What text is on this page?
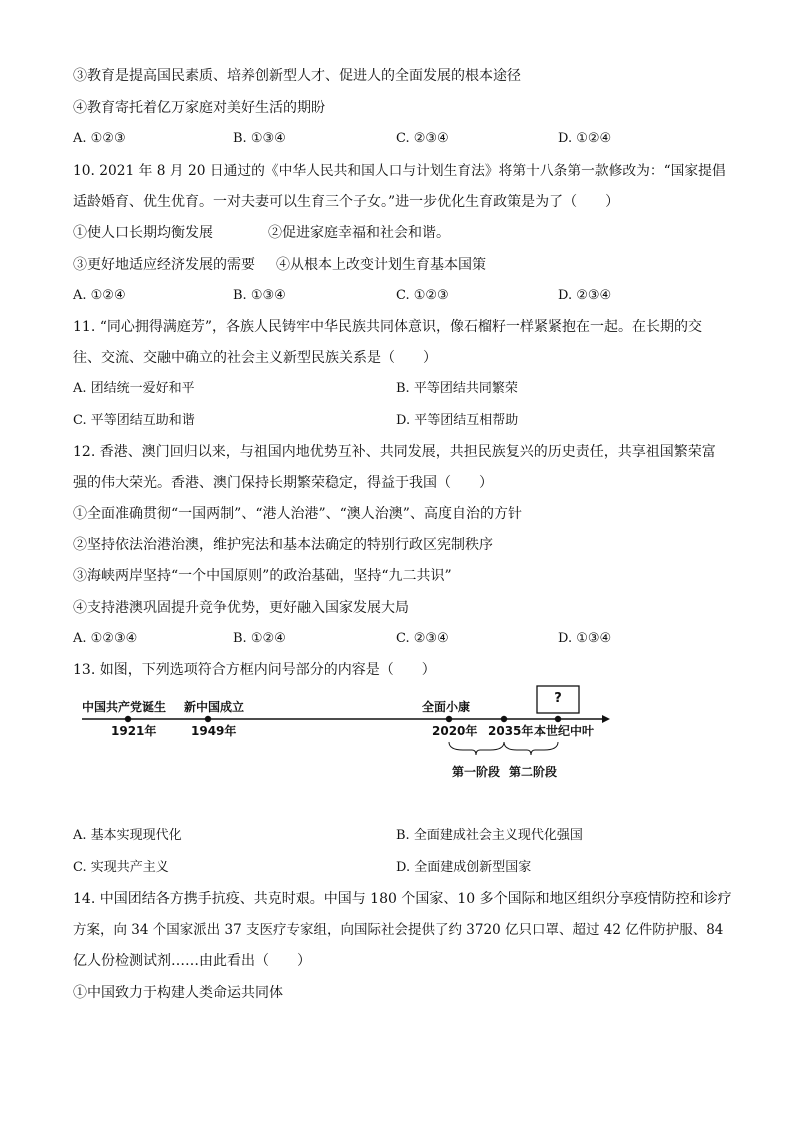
③教育是提高国民素质、培养创新型人才、促进人的全面发展的根本途径
④教育寄托着亿万家庭对美好生活的期盼
A. ①②③	B. ①③④	C. ②③④	D. ①②④
10. 2021 年 8 月 20 日通过的《中华人民共和国人口与计划生育法》将第十八条第一款修改为：“国家提倡
适龄婚育、优生优育。一对夫妻可以生育三个子女。”进一步优化生育政策是为了（　　）
①使人口长期均衡发展	②促进家庭幸福和社会和谐。
③更好地适应经济发展的需要 ④从根本上改变计划生育基本国策
A. ①②④	B. ①③④	C. ①②③	D. ②③④
11. “同心拥得满庭芳”，各族人民铸牢中华民族共同体意识，像石榴籽一样紧紧抱在一起。在长期的交
往、交流、交融中确立的社会主义新型民族关系是（　　）
A. 团结统一爱好和平	B. 平等团结共同繁荣
C. 平等团结互助和谐	D. 平等团结互相帮助
12. 香港、澳门回归以来，与祖国内地优势互补、共同发展，共担民族复兴的历史责任，共享祖国繁荣富
强的伟大荣光。香港、澳门保持长期繁荣稳定，得益于我国（　　）
①全面准确贯彻“一国两制”、“港人治港”、“澳人治澳”、高度自治的方针
②坚持依法治港治澳，维护宪法和基本法确定的特别行政区宪制秩序
③海峡两岸坚持“一个中国原则”的政治基础，坚持“九二共识”
④支持港澳巩固提升竞争优势，更好融入国家发展大局
A. ①②③④	B. ①②④	C. ②③④	D. ①③④
13. 如图，下列选项符合方框内问号部分的内容是（　　）
?
中国共产党诞生 新中国成立	全面小康
1921年	1949年	2020年 2035年 本世纪中叶
第一阶段 第二阶段
A. 基本实现现代化	B. 全面建成社会主义现代化强国
C. 实现共产主义	D. 全面建成创新型国家
14. 中国团结各方携手抗疫、共克时艰。中国与 180 个国家、10 多个国际和地区组织分享疫情防控和诊疗
方案，向 34 个国家派出 37 支医疗专家组，向国际社会提供了约 3720 亿只口罩、超过 42 亿件防护服、84
亿人份检测试剂……由此看出（　　）
①中国致力于构建人类命运共同体
